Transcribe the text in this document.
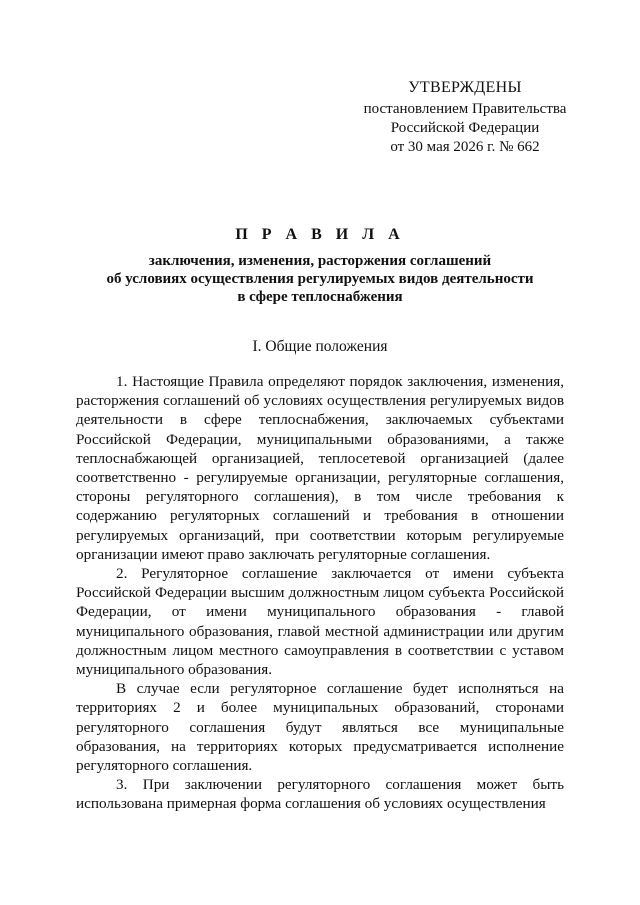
УТВЕРЖДЕНЫ
постановлением Правительства
Российской Федерации
от 30 мая 2026 г. № 662
П Р А В И Л А
заключения, изменения, расторжения соглашений
об условиях осуществления регулируемых видов деятельности
в сфере теплоснабжения
I. Общие положения

1. Настоящие Правила определяют порядок заключения, изменения, расторжения соглашений об условиях осуществления регулируемых видов деятельности в сфере теплоснабжения, заключаемых субъектами Российской Федерации, муниципальными образованиями, а также теплоснабжающей организацией, теплосетевой организацией (далее соответственно - регулируемые организации, регуляторные соглашения, стороны регуляторного соглашения), в том числе требования к содержанию регуляторных соглашений и требования в отношении регулируемых организаций, при соответствии которым регулируемые организации имеют право заключать регуляторные соглашения.

2. Регуляторное соглашение заключается от имени субъекта Российской Федерации высшим должностным лицом субъекта Российской Федерации, от имени муниципального образования - главой муниципального образования, главой местной администрации или другим должностным лицом местного самоуправления в соответствии с уставом муниципального образования.

В случае если регуляторное соглашение будет исполняться на территориях 2 и более муниципальных образований, сторонами регуляторного соглашения будут являться все муниципальные образования, на территориях которых предусматривается исполнение регуляторного соглашения.

3. При заключении регуляторного соглашения может быть использована примерная форма соглашения об условиях осуществления
